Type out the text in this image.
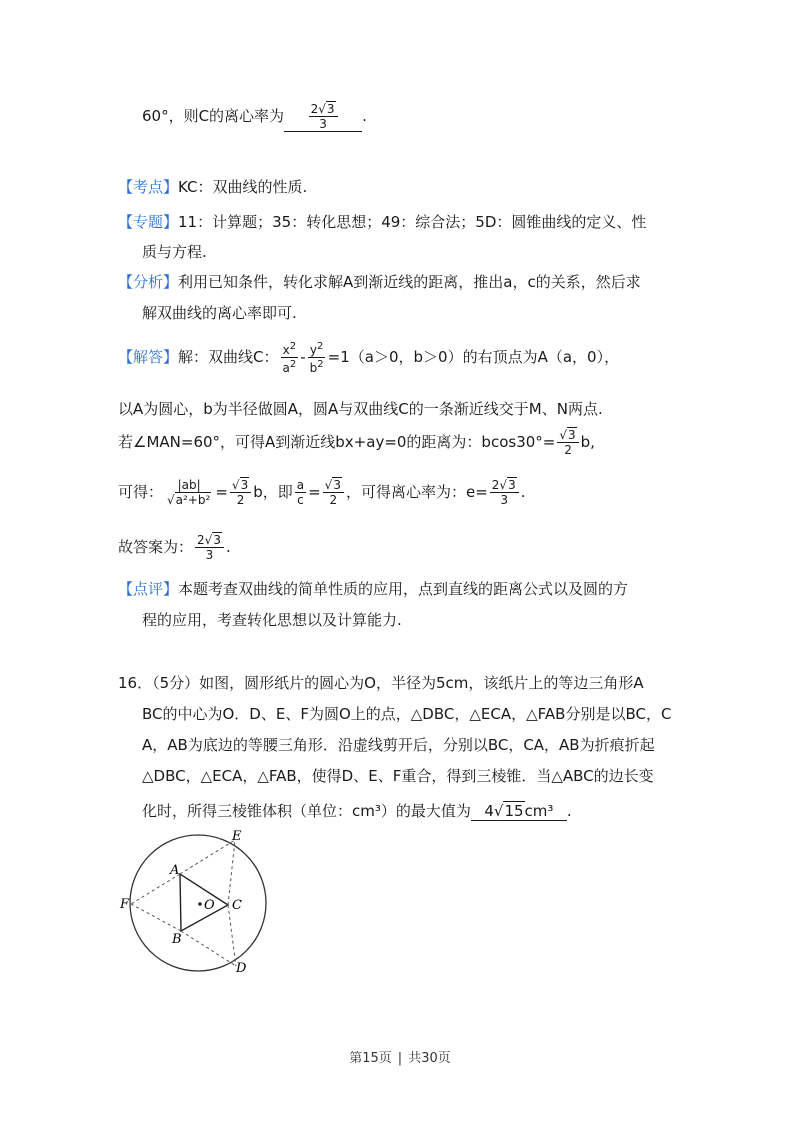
60°，则C的离心率为 $\frac{2√3}{3}$ .
【考点】KC：双曲线的性质.
【专题】11：计算题；35：转化思想；49：综合法；5D：圆锥曲线的定义、性
质与方程.
【分析】利用已知条件，转化求解A到渐近线的距离，推出a，c的关系，然后求
解双曲线的离心率即可.
【解答】解：双曲线C： $\frac{x^2}{a^2} - \frac{y^2}{b^2} =1(a>0$，b＞0）的右顶点为A（a，0），
以A为圆心，b为半径做圆A，圆A与双曲线C的一条渐近线交于M、N两点.
若∠MAN=60°，可得A到渐近线bx+ay=0的距离为：$bcos30^\circ= \frac{√3}{2} b$,
可得： $\frac{|ab|}{\text{√a²+b²}} = \frac{√3}{2}$ b，即 $\frac{a}{c} = \frac{√3}{2}$ ，可得离心率为：$e= \frac{2√3}{3}$ .
故答案为： $\frac{2√3}{3}$ .
【点评】本题考查双曲线的简单性质的应用，点到直线的距离公式以及圆的方
程的应用，考查转化思想以及计算能力.
16．（5分）如图，圆形纸片的圆心为O，半径为5cm，该纸片上的等边三角形A
BC的中心为O．D、E、F为圆O上的点，△DBC，△ECA，△FAB分别是以BC，C
A，AB为底边的等腰三角形．沿虚线剪开后，分别以BC，CA，AB为折痕折起
△DBC，△ECA，△FAB，使得D、E、F重合，得到三棱锥．当△ABC的边长变
化时，所得三棱锥体积（单位：cm³）的最大值为 4√15cm³ .
A
B
C
D
E
F	O
第15页 | 共30页
